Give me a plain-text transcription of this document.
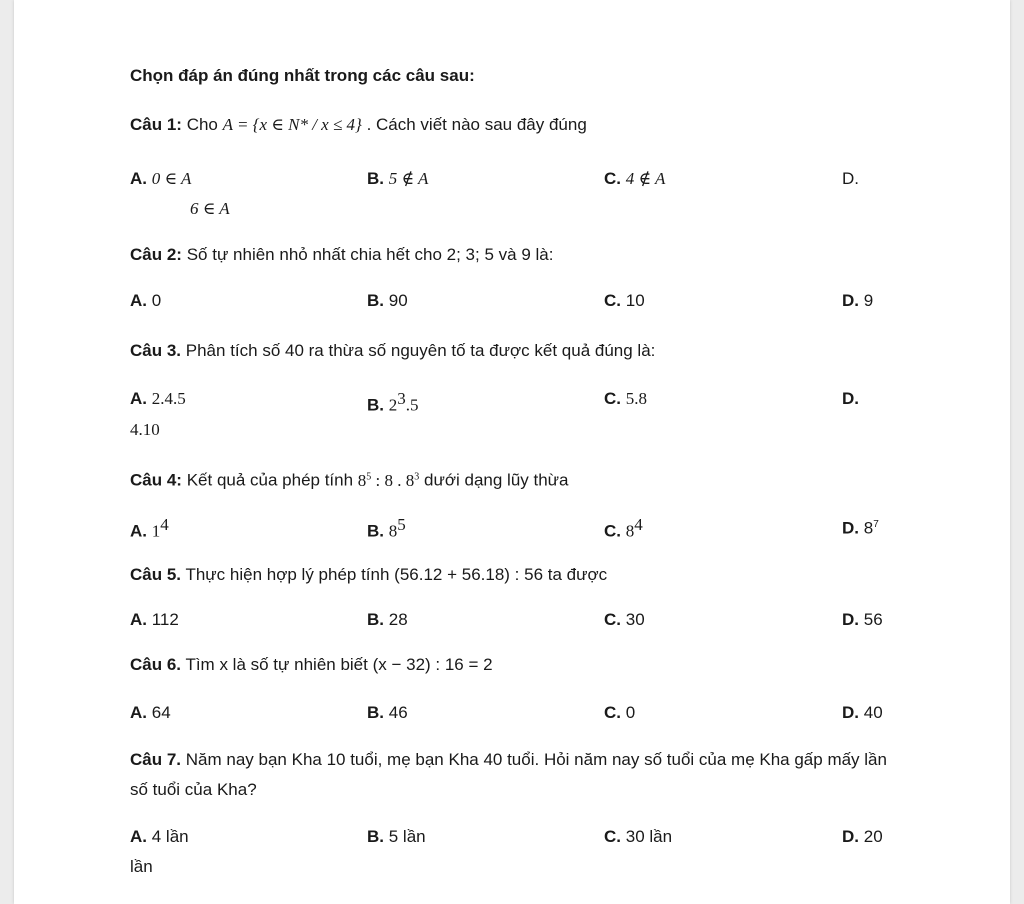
Chọn đáp án đúng nhất trong các câu sau:
Câu 1: Cho A = {x ∈ N* / x ≤ 4} . Cách viết nào sau đây đúng
A. 0 ∈ A	B. 5 ∉ A	C. 4 ∉ A	D.
6 ∈ A
Câu 2: Số tự nhiên nhỏ nhất chia hết cho 2; 3; 5 và 9 là:
A. 0	B. 90	C. 10	D. 9
Câu 3. Phân tích số 40 ra thừa số nguyên tố ta được kết quả đúng là:
A. 2.4.5	B. $2^3.5$	C. 5.8	D.
4.10
Câu 4: Kết quả của phép tính $8^5$ : 8 . $8^3$ dưới dạng lũy thừa
A. $1^4$	B. $8^5$	C. $8^4$	D. $8^7$
Câu 5. Thực hiện hợp lý phép tính (56.12 + 56.18) : 56 ta được
A. 112	B. 28	C. 30	D. 56
Câu 6. Tìm x là số tự nhiên biết (x − 32) : 16 = 2
A. 64	B. 46	C. 0	D. 40
Câu 7. Năm nay bạn Kha 10 tuổi, mẹ bạn Kha 40 tuổi. Hỏi năm nay số tuổi của mẹ Kha gấp mấy lần số tuổi của Kha?
A. 4 lần	B. 5 lần	C. 30 lần	D. 20
lần
